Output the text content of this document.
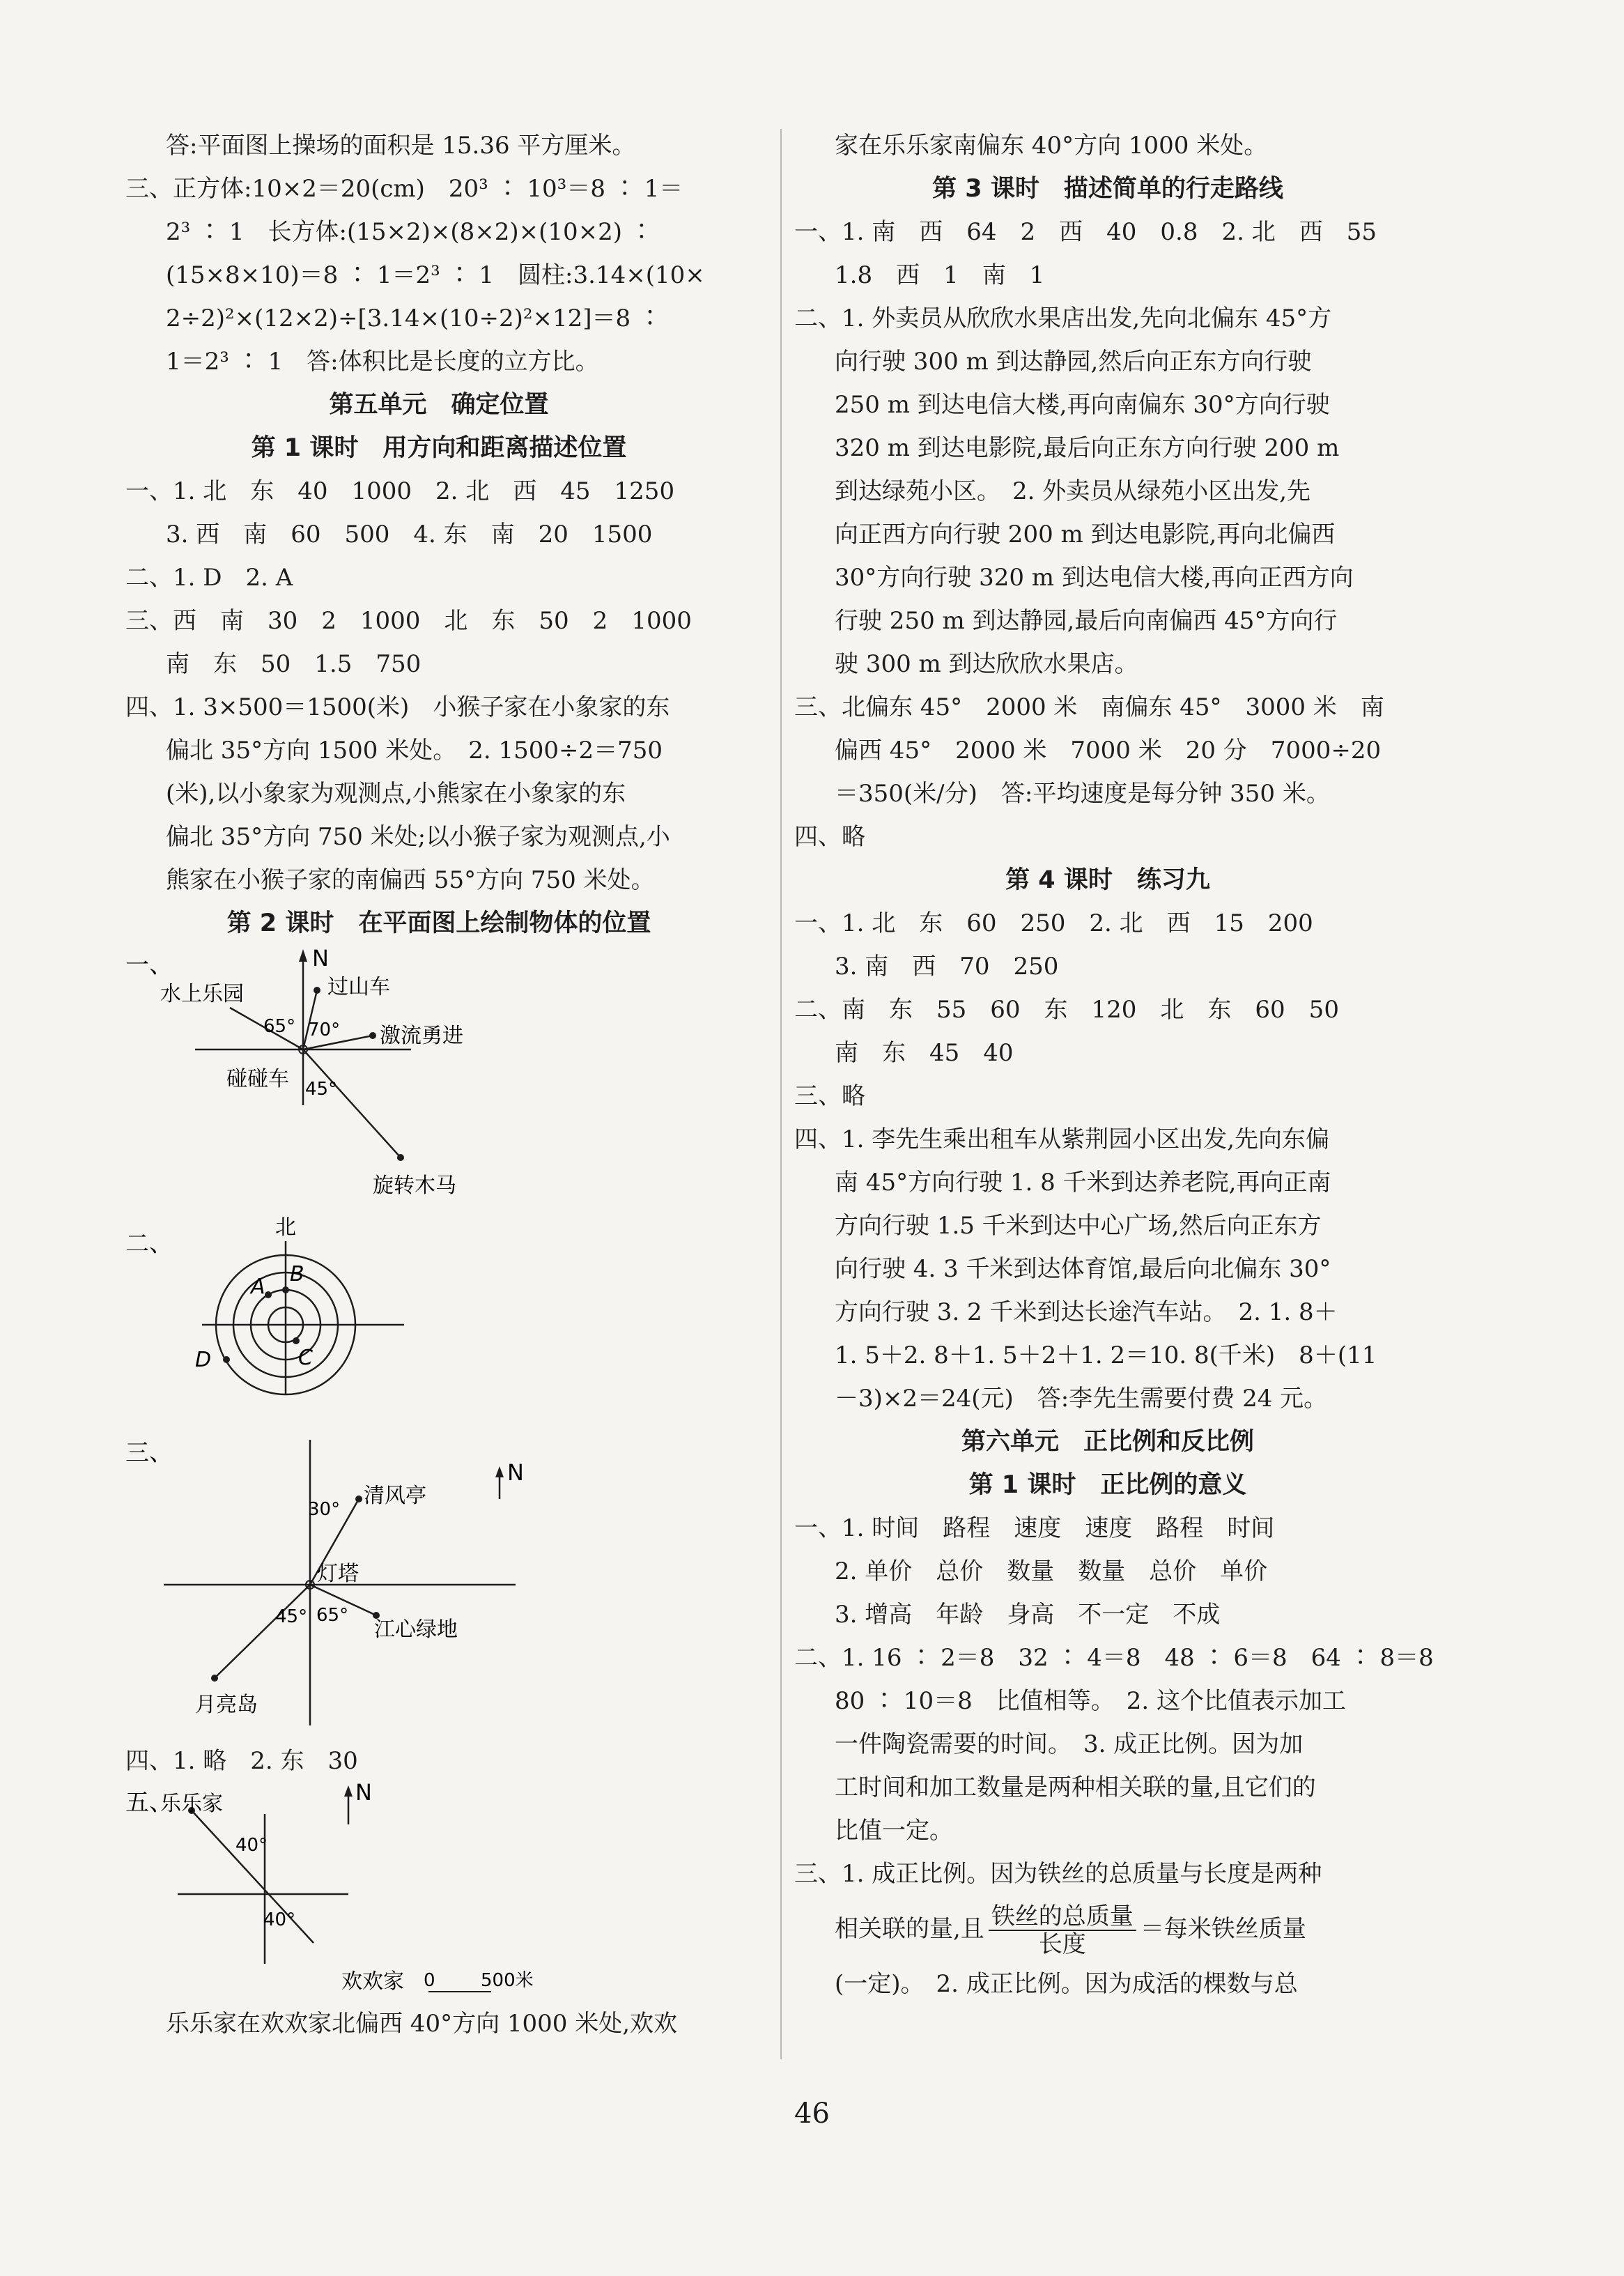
答:平面图上操场的面积是 15.36 平方厘米。
三、正方体:10×2＝20(cm)　20³ ∶ 10³＝8 ∶ 1＝
2³ ∶ 1　长方体:(15×2)×(8×2)×(10×2) ∶
(15×8×10)＝8 ∶ 1＝2³ ∶ 1　圆柱:3.14×(10×
2÷2)²×(12×2)÷[3.14×(10÷2)²×12]＝8 ∶
1＝2³ ∶ 1　答:体积比是长度的立方比。
第五单元　确定位置
第 1 课时　用方向和距离描述位置
一、1. 北　东　40　1000　2. 北　西　45　1250
3. 西　南　60　500　4. 东　南　20　1500
二、1. D　2. A
三、西　南　30　2　1000　北　东　50　2　1000
南　东　50　1.5　750
四、1. 3×500＝1500(米)　小猴子家在小象家的东
偏北 35°方向 1500 米处。　2. 1500÷2＝750
(米),以小象家为观测点,小熊家在小象家的东
偏北 35°方向 750 米处;以小猴子家为观测点,小
熊家在小猴子家的南偏西 55°方向 750 米处。
第 2 课时　在平面图上绘制物体的位置
一、	N
过山车
水上乐园
激流勇进
碰碰车
旋转木马
65° 70°
45°
二、
北
A
B
C
D
三、
N
清风亭
灯塔
江心绿地
月亮岛
30°
45° 65°
四、1. 略　2. 东　30
五、	N
乐乐家
40°
40°
欢欢家 0	500米
乐乐家在欢欢家北偏西 40°方向 1000 米处,欢欢
家在乐乐家南偏东 40°方向 1000 米处。
第 3 课时　描述简单的行走路线
一、1. 南　西　64　2　西　40　0.8　2. 北　西　55
1.8　西　1　南　1
二、1. 外卖员从欣欣水果店出发,先向北偏东 45°方
向行驶 300 m 到达静园,然后向正东方向行驶
250 m 到达电信大楼,再向南偏东 30°方向行驶
320 m 到达电影院,最后向正东方向行驶 200 m
到达绿苑小区。　2. 外卖员从绿苑小区出发,先
向正西方向行驶 200 m 到达电影院,再向北偏西
30°方向行驶 320 m 到达电信大楼,再向正西方向
行驶 250 m 到达静园,最后向南偏西 45°方向行
驶 300 m 到达欣欣水果店。
三、北偏东 45°　2000 米　南偏东 45°　3000 米　南
偏西 45°　2000 米　7000 米　20 分　7000÷20
＝350(米/分)　答:平均速度是每分钟 350 米。
四、略
第 4 课时　练习九
一、1. 北　东　60　250　2. 北　西　15　200
3. 南　西　70　250
二、南　东　55　60　东　120　北　东　60　50
南　东　45　40
三、略
四、1. 李先生乘出租车从紫荆园小区出发,先向东偏
南 45°方向行驶 1. 8 千米到达养老院,再向正南
方向行驶 1.5 千米到达中心广场,然后向正东方
向行驶 4. 3 千米到达体育馆,最后向北偏东 30°
方向行驶 3. 2 千米到达长途汽车站。　2. 1. 8＋
1. 5＋2. 8＋1. 5＋2＋1. 2＝10. 8(千米)　8＋(11
－3)×2＝24(元)　答:李先生需要付费 24 元。
第六单元　正比例和反比例
第 1 课时　正比例的意义
一、1. 时间　路程　速度　速度　路程　时间
2. 单价　总价　数量　数量　总价　单价
3. 增高　年龄　身高　不一定　不成
二、1. 16 ∶ 2＝8　32 ∶ 4＝8　48 ∶ 6＝8　64 ∶ 8＝8
80 ∶ 10＝8　比值相等。　2. 这个比值表示加工
一件陶瓷需要的时间。　3. 成正比例。因为加
工时间和加工数量是两种相关联的量,且它们的
比值一定。
三、1. 成正比例。因为铁丝的总质量与长度是两种
相关联的量,且 $\frac{\text{铁丝的总质量}}{\text{长度}}$ ＝每米铁丝质量
(一定)。　2. 成正比例。因为成活的棵数与总
46
